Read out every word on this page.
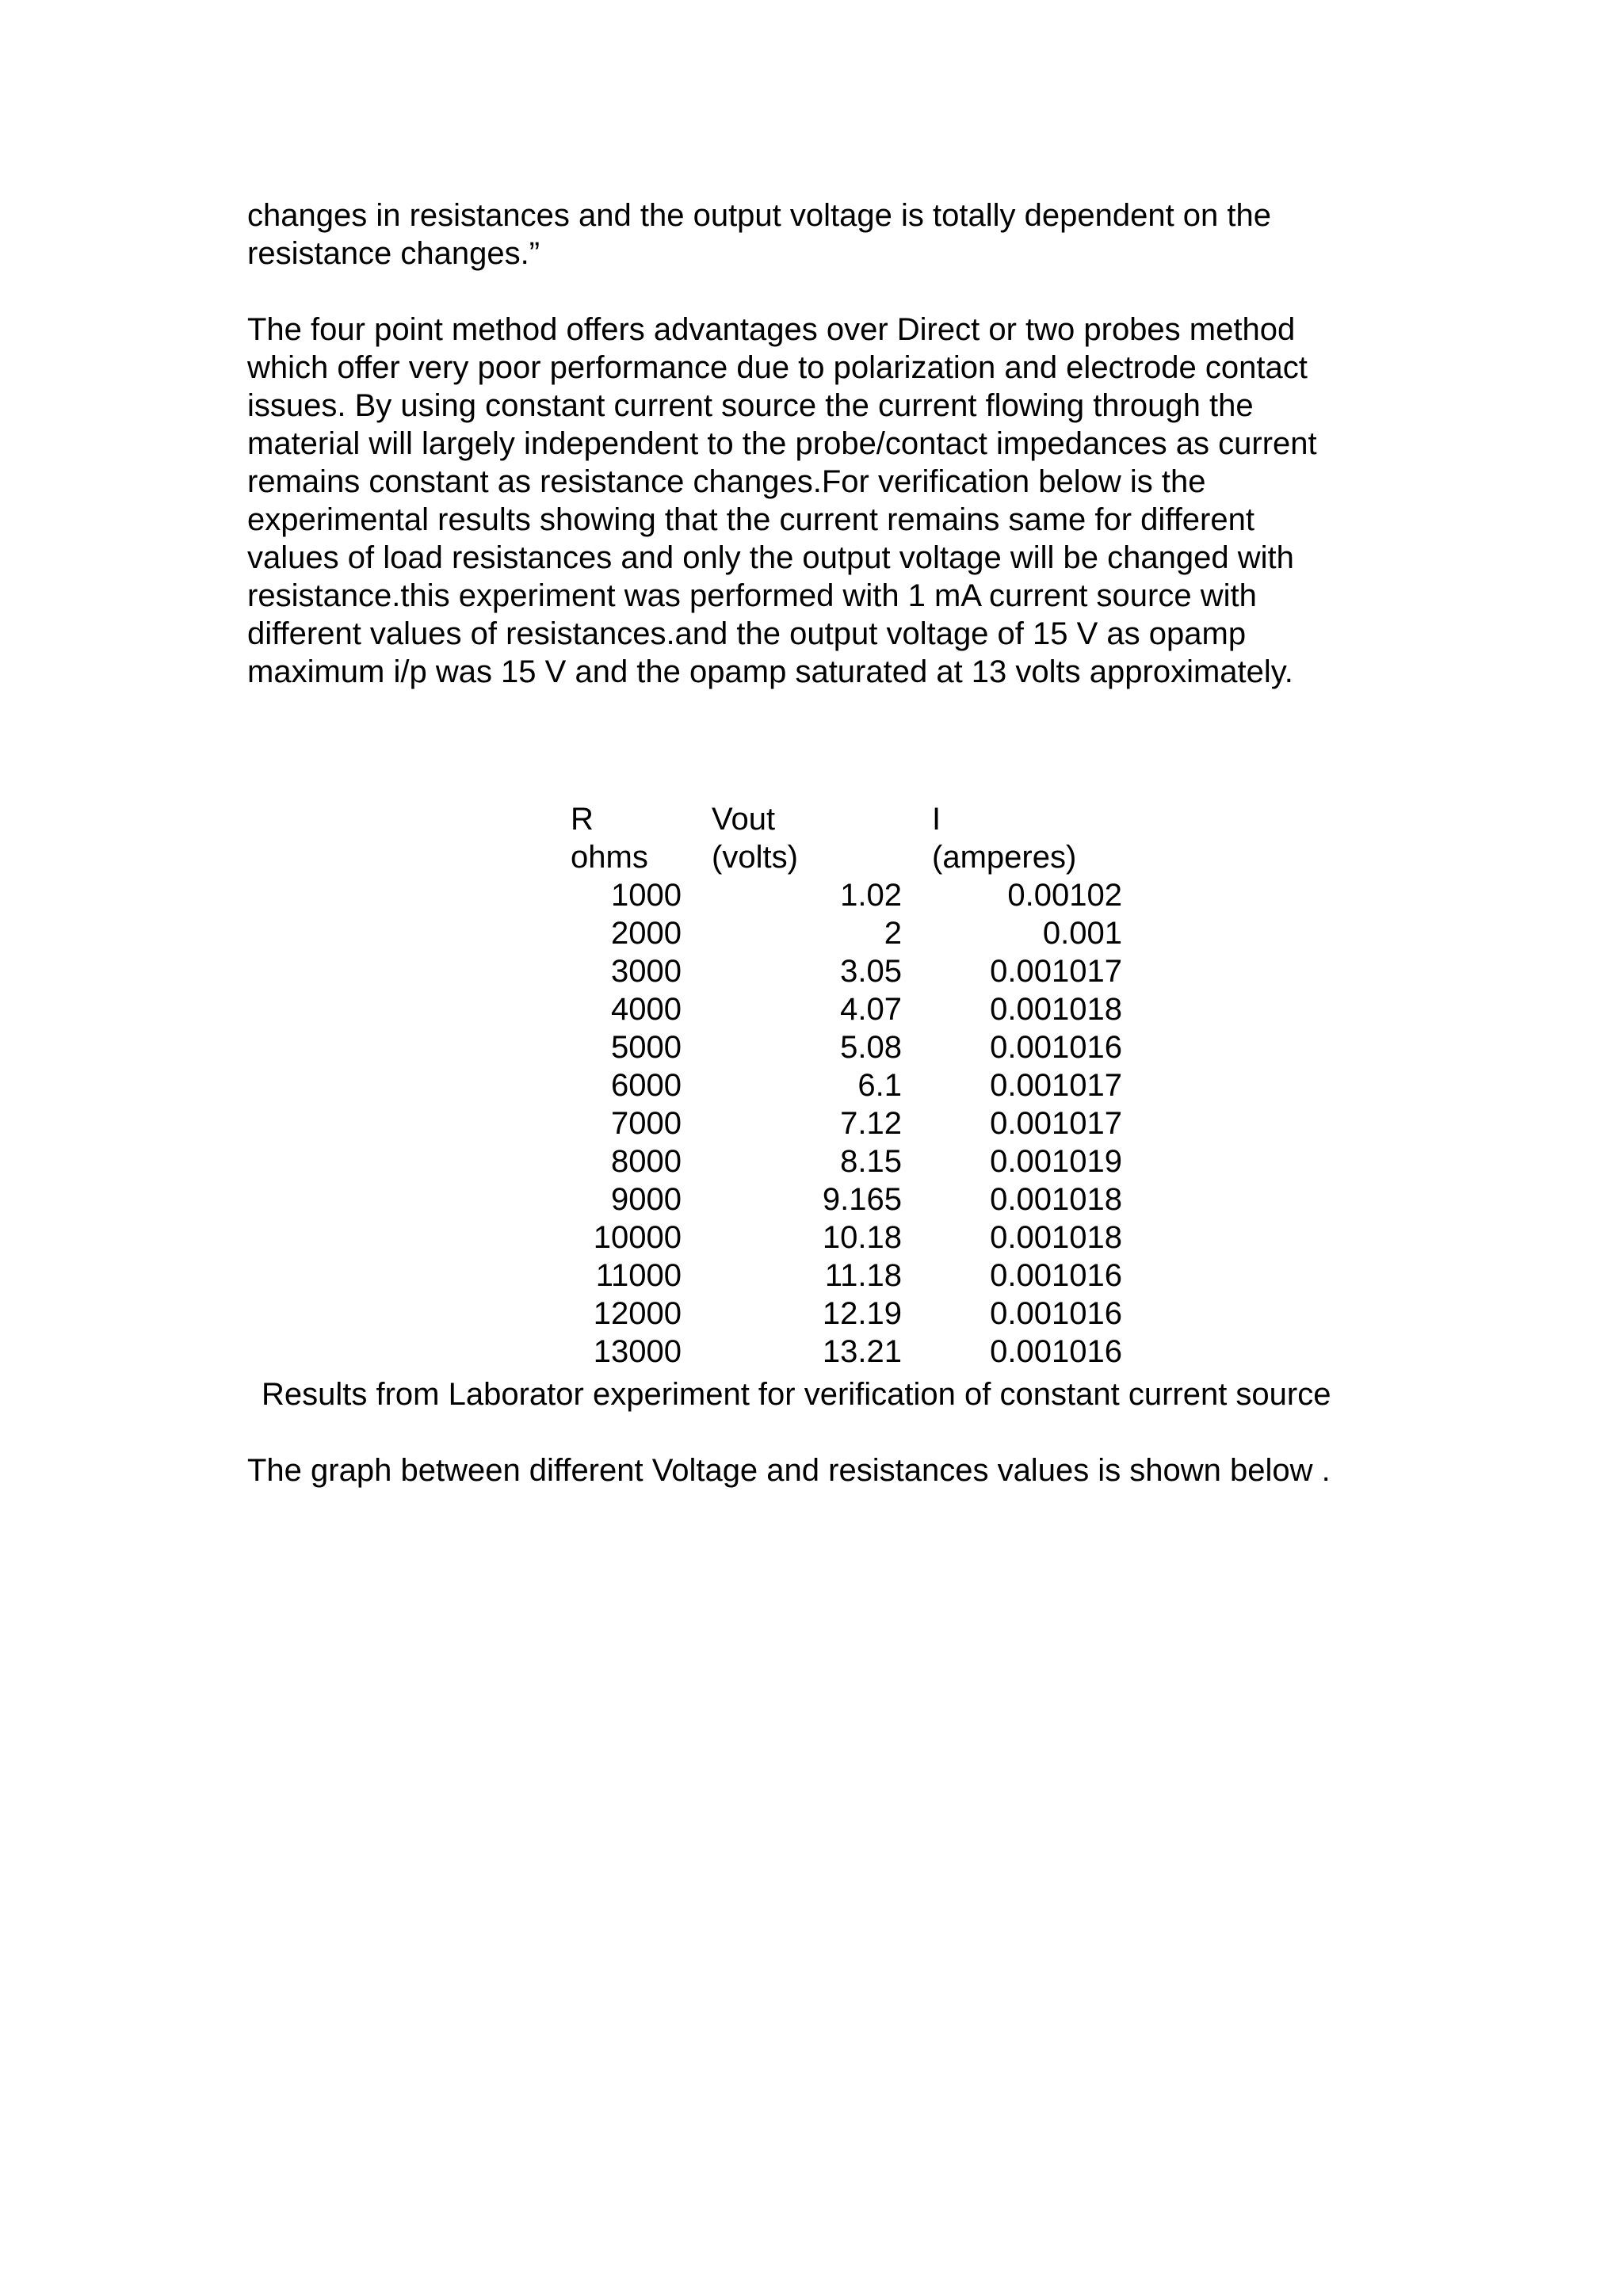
changes in resistances and the output voltage is totally dependent on the
resistance changes.”

The four point method offers advantages over Direct or two probes method
which offer very poor performance due to polarization and electrode contact
issues. By using constant current source the current flowing through the
material will largely independent to the probe/contact impedances as current
remains constant as resistance changes.For verification below is the
experimental results showing that the current remains same for different
values of load resistances and only the output voltage will be changed with
resistance.this experiment was performed with 1 mA current source with
different values of resistances.and the output voltage of 15 V as opamp
maximum i/p was 15 V and the opamp saturated at 13 volts approximately.

R	Vout	I
ohms	(volts)	(amperes)
1000	1.02	0.00102
2000	2	0.001
3000	3.05	0.001017
4000	4.07	0.001018
5000	5.08	0.001016
6000	6.1	0.001017
7000	7.12	0.001017
8000	8.15	0.001019
9000	9.165	0.001018
10000	10.18	0.001018
11000	11.18	0.001016
12000	12.19	0.001016
13000	13.21	0.001016
Results from Laborator experiment for verification of constant current source
The graph between different Voltage and resistances values is shown below .
